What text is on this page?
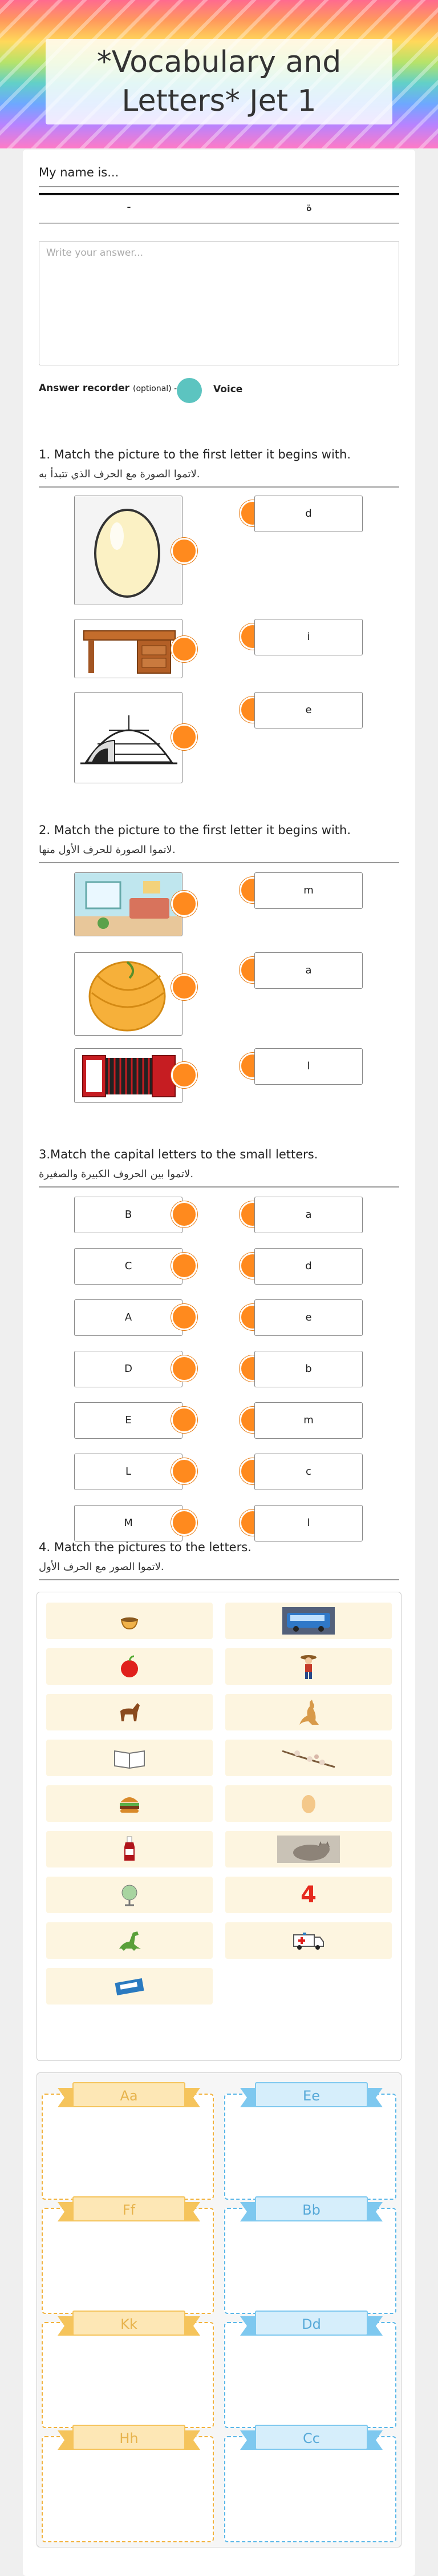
*Vocabulary and Letters* Jet 1
My name is...
-	ة
Write your answer...
Answer recorder (optional) -	Voice
1. Match the picture to the first letter it begins with.
لاتموا الصورة مع الحرف الذي تتبدأ به.
d
i
e
2. Match the picture to the first letter it begins with.
لاتموا الصورة للحرف الأول منها.
m
a
l
3.Match the capital letters to the small letters.
لاتموا بين الحروف الكبيرة والصغيرة.
B	a
C	d
A	e
D	b
E	m
L	c
M	l
4. Match the pictures to the letters.
لاتموا الصور مع الحرف الأول.
4
Aa	Ee
Ff	Bb
Kk	Dd
Hh	Cc
